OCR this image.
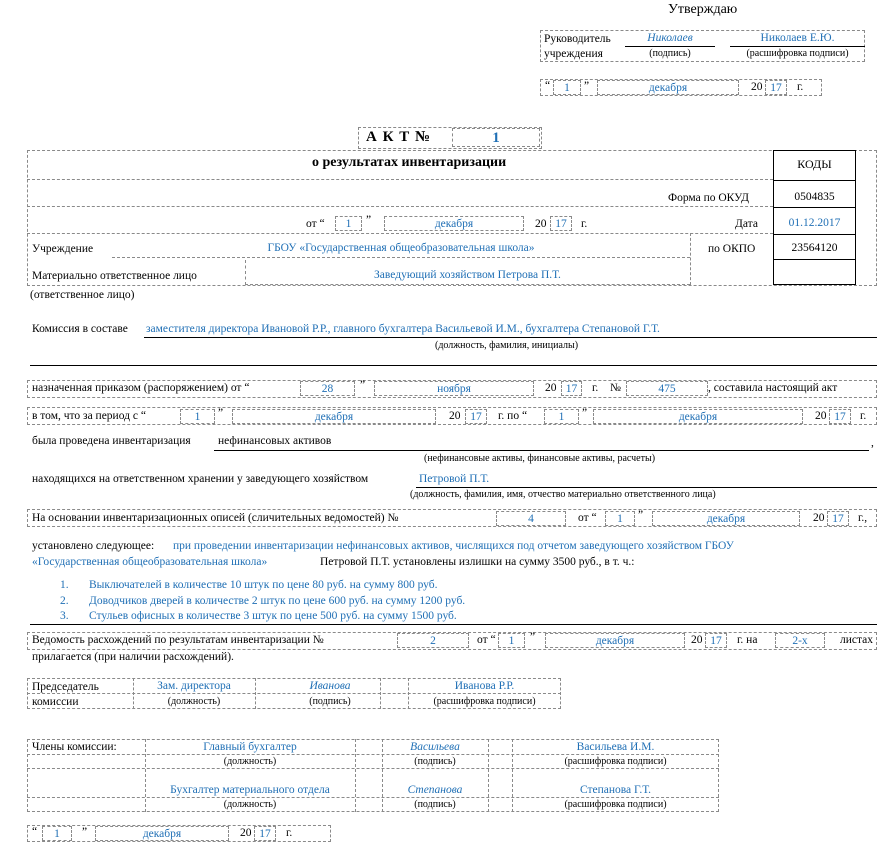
Утверждаю
Руководитель
учреждения
Николаев	Николаев Е.Ю.
(подпись)	(расшифровка подписи)
“	1	”	декабря	20 17	г.
А К Т №	1
о результатах инвентаризации	КОДЫ
Форма по ОКУД	0504835
от “	1	”	декабря	20 17	г.	Дата	01.12.2017
Учреждение	ГБОУ «Государственная общеобразовательная школа»	по ОКПО	23564120
Материально ответственное лицо	Заведующий хозяйством Петрова П.Т.
(ответственное лицо)
Комиссия в составе заместителя директора Ивановой Р.Р., главного бухгалтера Васильевой И.М., бухгалтера Степановой Г.Т.
(должность, фамилия, инициалы)
назначенная приказом (распоряжением) от “	28	”	ноября	20 17	г. №	475	, составила настоящий акт
в том, что за период с “	1	”	декабря	20 17	г. по “	1	”	декабря	20 17	г.
была проведена инвентаризация нефинансовых активов	,
(нефинансовые активы, финансовые активы, расчеты)
находящихся на ответственном хранении у заведующего хозяйством	Петровой П.Т.
(должность, фамилия, имя, отчество материально ответственного лица)
На основании инвентаризационных описей (сличительных ведомостей) №	4	от “	1	”	декабря	20 17	г.,
установлено следующее: при проведении инвентаризации нефинансовых активов, числящихся под отчетом заведующего хозяйством ГБОУ
«Государственная общеобразовательная школа»	Петровой П.Т. установлены излишки на сумму 3500 руб., в т. ч.:
1. Выключателей в количестве 10 штук по цене 80 руб. на сумму 800 руб.
2. Доводчиков дверей в количестве 2 штук по цене 600 руб. на сумму 1200 руб.
3. Стульев офисных в количестве 3 штук по цене 500 руб. на сумму 1500 руб.
Ведомость расхождений по результатам инвентаризации №	2	от “	1	”	декабря	20 17	г. на	2-х	листах
прилагается (при наличии расхождений).
Председатель
комиссии
Зам. директора	Иванова	Иванова Р.Р.
(должность)	(подпись)	(расшифровка подписи)
Члены комиссии:	Главный бухгалтер	Васильева	Васильева И.М.
(должность)	(подпись)	(расшифровка подписи)
Бухгалтер материального отдела	Степанова	Степанова Г.Т.
(должность)	(подпись)	(расшифровка подписи)
“	1	”	декабря	20 17	г.
